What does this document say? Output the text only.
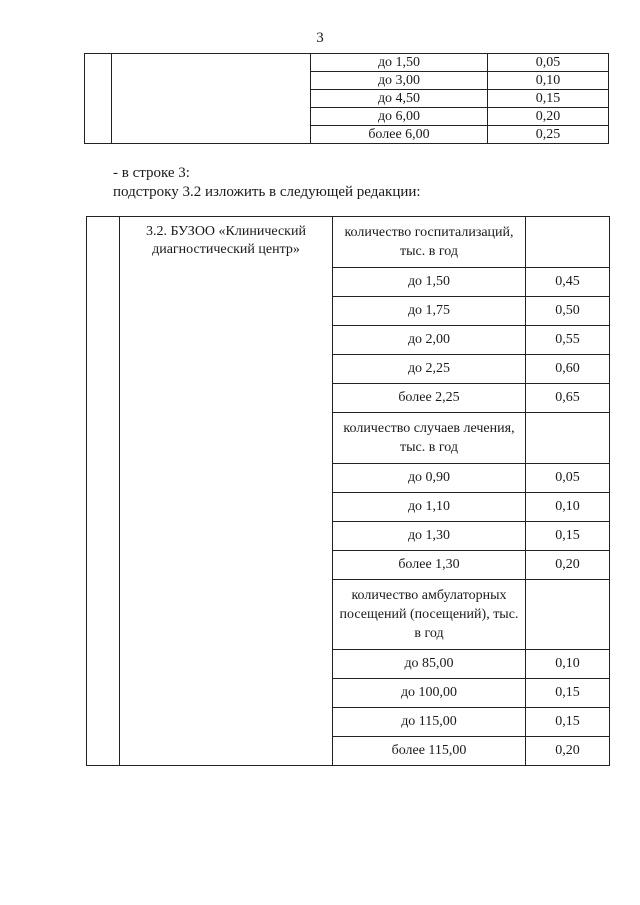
3
		до 1,50	0,05
		до 3,00	0,10
		до 4,50	0,15
		до 6,00	0,20
		более 6,00	0,25
- в строке 3:
подстроку 3.2 изложить в следующей редакции:
	3.2. БУЗОО «Клинический диагностический центр»	количество госпитализаций, тыс. в год	
		до 1,50	0,45
		до 1,75	0,50
		до 2,00	0,55
		до 2,25	0,60
		более 2,25	0,65
		количество случаев лечения, тыс. в год	
		до 0,90	0,05
		до 1,10	0,10
		до 1,30	0,15
		более 1,30	0,20
		количество амбулаторных посещений (посещений), тыс. в год	
		до 85,00	0,10
		до 100,00	0,15
		до 115,00	0,15
		более 115,00	0,20
